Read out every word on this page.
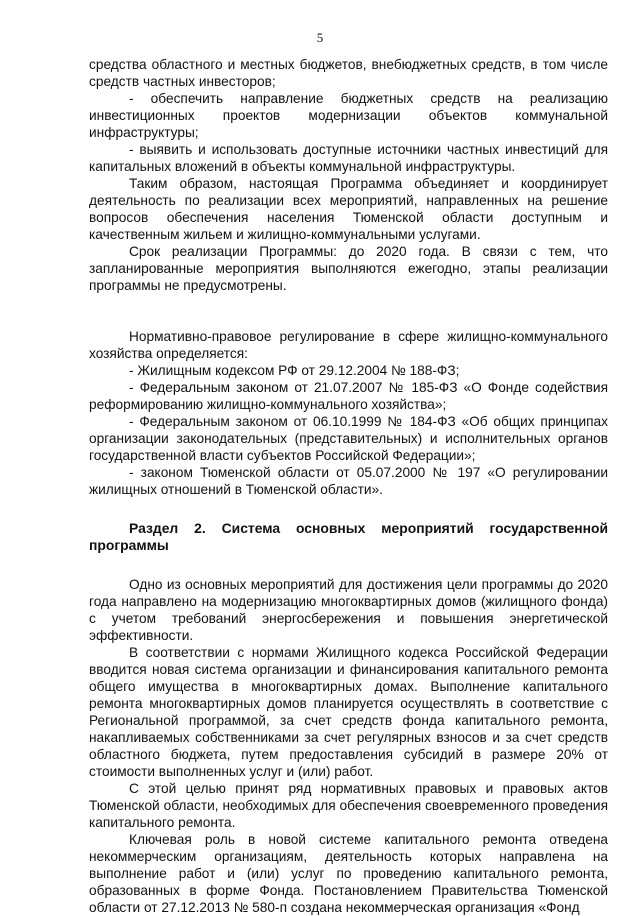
5

средства областного и местных бюджетов, внебюджетных средств, в том числе средств частных инвесторов;

- обеспечить направление бюджетных средств на реализацию инвестиционных проектов модернизации объектов коммунальной инфраструктуры;

- выявить и использовать доступные источники частных инвестиций для капитальных вложений в объекты коммунальной инфраструктуры.

Таким образом, настоящая Программа объединяет и координирует деятельность по реализации всех мероприятий, направленных на решение вопросов обеспечения населения Тюменской области доступным и качественным жильем и жилищно-коммунальными услугами.

Срок реализации Программы: до 2020 года. В связи с тем, что запланированные мероприятия выполняются ежегодно, этапы реализации программы не предусмотрены.

Нормативно-правовое регулирование в сфере жилищно-коммунального хозяйства определяется:

- Жилищным кодексом РФ от 29.12.2004 № 188-ФЗ;

- Федеральным законом от 21.07.2007 № 185-ФЗ «О Фонде содействия реформированию жилищно-коммунального хозяйства»;

- Федеральным законом от 06.10.1999 № 184-ФЗ «Об общих принципах организации законодательных (представительных) и исполнительных органов государственной власти субъектов Российской Федерации»;

- законом Тюменской области от 05.07.2000 № 197 «О регулировании жилищных отношений в Тюменской области».

Раздел 2. Система основных мероприятий государственной программы

Одно из основных мероприятий для достижения цели программы до 2020 года направлено на модернизацию многоквартирных домов (жилищного фонда) с учетом требований энергосбережения и повышения энергетической эффективности.

В соответствии с нормами Жилищного кодекса Российской Федерации вводится новая система организации и финансирования капитального ремонта общего имущества в многоквартирных домах. Выполнение капитального ремонта многоквартирных домов планируется осуществлять в соответствие с Региональной программой, за счет средств фонда капитального ремонта, накапливаемых собственниками за счет регулярных взносов и за счет средств областного бюджета, путем предоставления субсидий в размере 20% от стоимости выполненных услуг и (или) работ.

С этой целью принят ряд нормативных правовых и правовых актов Тюменской области, необходимых для обеспечения своевременного проведения капитального ремонта.

Ключевая роль в новой системе капитального ремонта отведена некоммерческим организациям, деятельность которых направлена на выполнение работ и (или) услуг по проведению капитального ремонта, образованных в форме Фонда. Постановлением Правительства Тюменской области от 27.12.2013 № 580-п создана некоммерческая организация «Фонд
